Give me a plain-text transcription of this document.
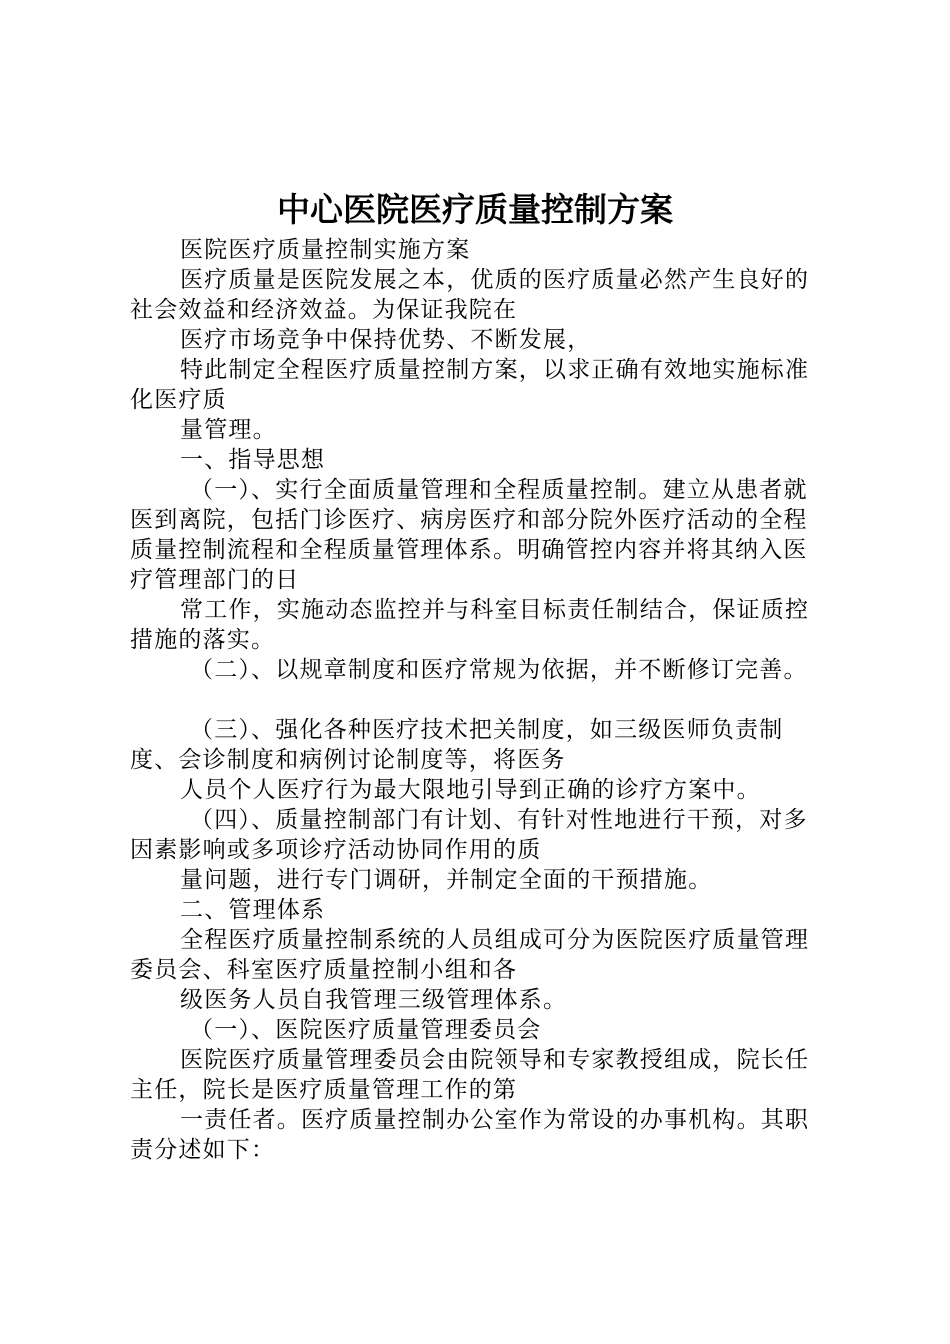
中心医院医疗质量控制方案

医院医疗质量控制实施方案

医疗质量是医院发展之本，优质的医疗质量必然产生良好的社会效益和经济效益。为保证我院在

医疗市场竞争中保持优势、不断发展，

特此制定全程医疗质量控制方案，以求正确有效地实施标准化医疗质

量管理。

一、指导思想

（一）、实行全面质量管理和全程质量控制。建立从患者就医到离院，包括门诊医疗、病房医疗和部分院外医疗活动的全程质量控制流程和全程质量管理体系。明确管控内容并将其纳入医疗管理部门的日

常工作，实施动态监控并与科室目标责任制结合，保证质控措施的落实。

（二）、以规章制度和医疗常规为依据，并不断修订完善。

（三）、强化各种医疗技术把关制度，如三级医师负责制度、会诊制度和病例讨论制度等，将医务

人员个人医疗行为最大限地引导到正确的诊疗方案中。

（四）、质量控制部门有计划、有针对性地进行干预，对多因素影响或多项诊疗活动协同作用的质

量问题，进行专门调研，并制定全面的干预措施。

二、管理体系

全程医疗质量控制系统的人员组成可分为医院医疗质量管理委员会、科室医疗质量控制小组和各

级医务人员自我管理三级管理体系。

（一）、医院医疗质量管理委员会

医院医疗质量管理委员会由院领导和专家教授组成，院长任主任，院长是医疗质量管理工作的第

一责任者。医疗质量控制办公室作为常设的办事机构。其职责分述如下：
